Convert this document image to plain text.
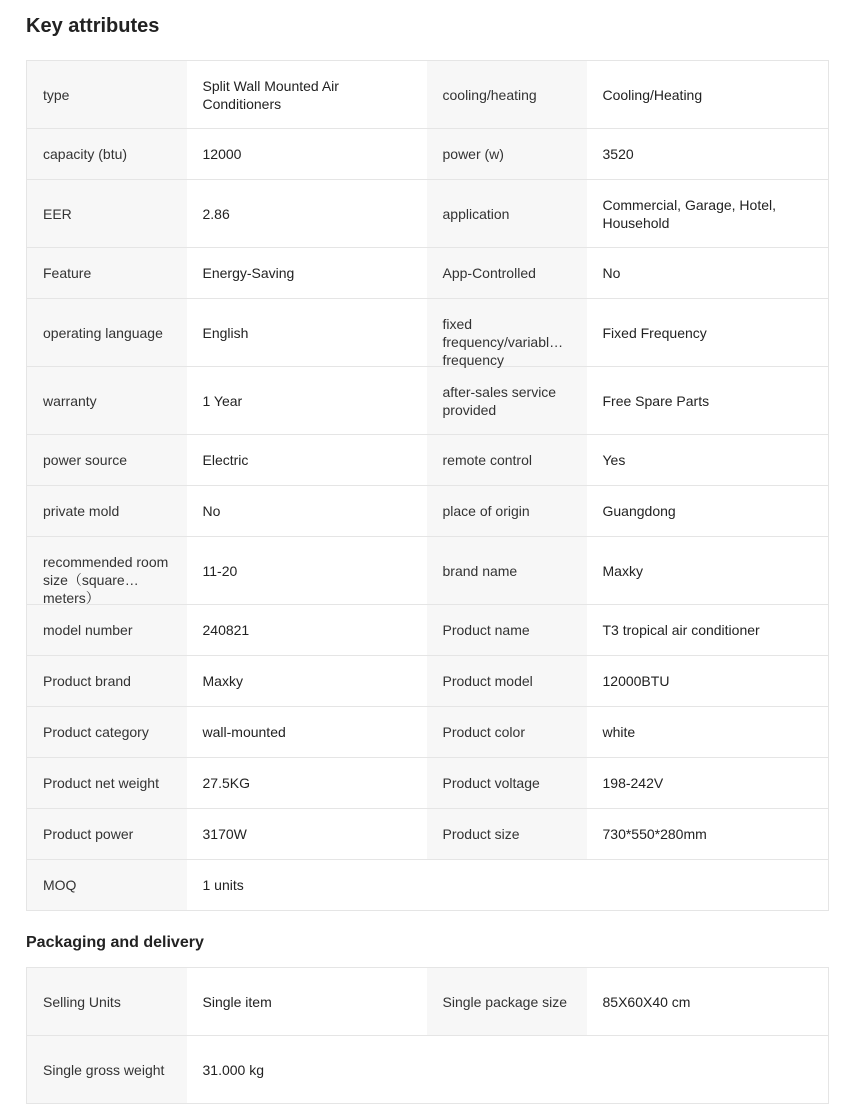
Key attributes
type	Split Wall Mounted Air Conditioners	cooling/heating	Cooling/Heating

capacity (btu)	12000	power (w)	3520

EER	2.86	application	Commercial, Garage, Hotel, Household

Feature	Energy-Saving	App-Controlled	No

operating language	English	fixed frequency/variable frequency	Fixed Frequency

warranty	1 Year	after-sales service provided	Free Spare Parts

power source	Electric	remote control	Yes

private mold	No	place of origin	Guangdong

recommended room size（square meters）	11-20	brand name	Maxky

model number	240821	Product name	T3 tropical air conditioner

Product brand	Maxky	Product model	12000BTU

Product category	wall-mounted	Product color	white

Product net weight	27.5KG	Product voltage	198-242V

Product power	3170W	Product size	730*550*280mm

MOQ	1 units		

Packaging and delivery
Selling Units	Single item	Single package size	85X60X40 cm

Single gross weight	31.000 kg		
